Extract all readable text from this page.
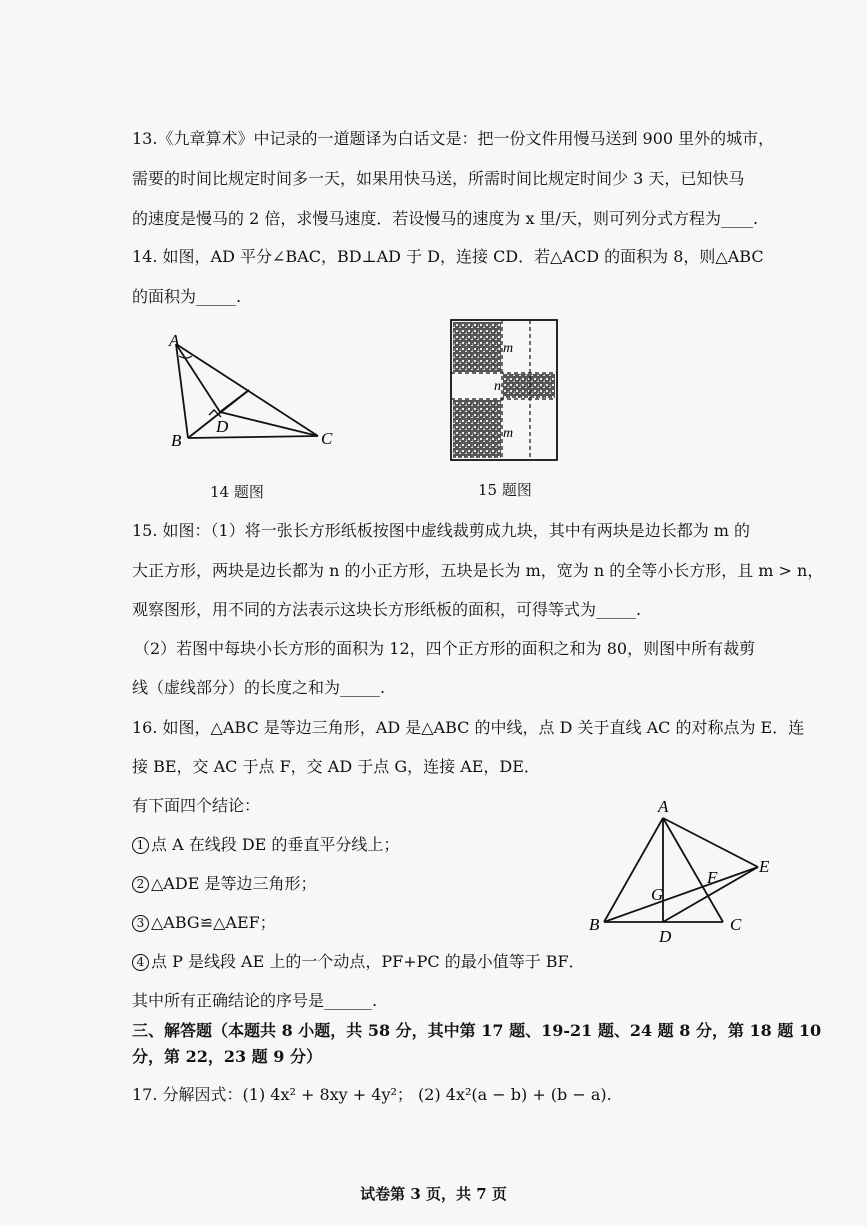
13.《九章算术》中记录的一道题译为白话文是：把一份文件用慢马送到 900 里外的城市，
需要的时间比规定时间多一天，如果用快马送，所需时间比规定时间少 3 天，已知快马
的速度是慢马的 2 倍，求慢马速度．若设慢马的速度为 x 里/天，则可列分式方程为____.
14. 如图，AD 平分∠BAC，BD⊥AD 于 D，连接 CD．若△ACD 的面积为 8，则△ABC
的面积为_____.
A
B	C
D
m
n
m
A
B	C
D
E
F
G
14 题图	15 题图
15. 如图：（1）将一张长方形纸板按图中虚线裁剪成九块，其中有两块是边长都为 m 的
大正方形，两块是边长都为 n 的小正方形，五块是长为 m，宽为 n 的全等小长方形，且 m > n，
观察图形，用不同的方法表示这块长方形纸板的面积，可得等式为_____.
（2）若图中每块小长方形的面积为 12，四个正方形的面积之和为 80，则图中所有裁剪
线（虚线部分）的长度之和为_____.
16. 如图，△ABC 是等边三角形，AD 是△ABC 的中线，点 D 关于直线 AC 的对称点为 E．连
接 BE，交 AC 于点 F，交 AD 于点 G，连接 AE，DE．
有下面四个结论：
1 点 A 在线段 DE 的垂直平分线上；
2 △ADE 是等边三角形；
3 △ABG≌△AEF；
4 点 P 是线段 AE 上的一个动点，PF+PC 的最小值等于 BF．
其中所有正确结论的序号是______.
三、解答题（本题共 8 小题，共 58 分，其中第 17 题、19-21 题、24 题 8 分，第 18 题 10
分，第 22，23 题 9 分）
17. 分解因式：(1) 4x² + 8xy + 4y²； (2) 4x²(a − b) + (b − a).
试卷第 3 页，共 7 页
